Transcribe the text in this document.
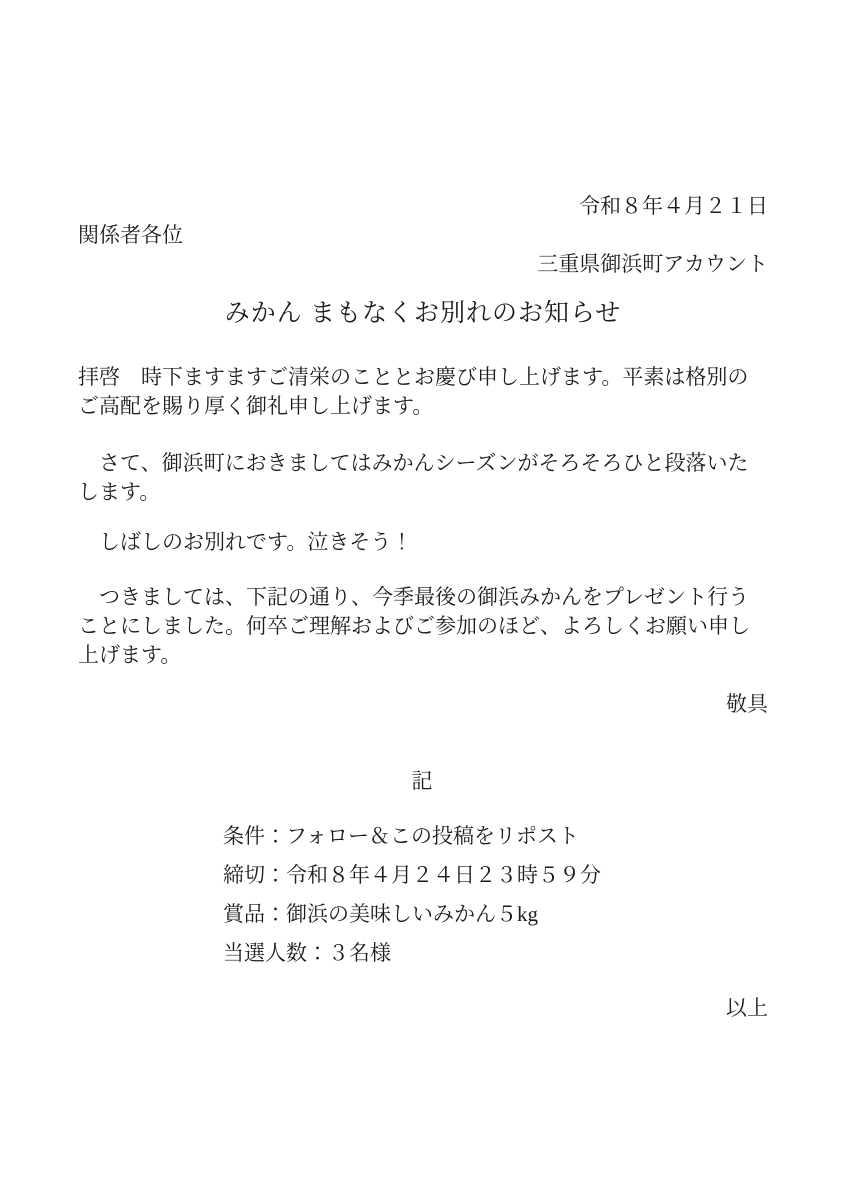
令和８年４月２１日

関係者各位

三重県御浜町アカウント

みかん まもなくお別れのお知らせ

拝啓　時下ますますご清栄のこととお慶び申し上げます。平素は格別のご高配を賜り厚く御礼申し上げます。

　さて、御浜町におきましてはみかんシーズンがそろそろひと段落いたします。

　しばしのお別れです。泣きそう！

　つきましては、下記の通り、今季最後の御浜みかんをプレゼント行うことにしました。何卒ご理解およびご参加のほど、よろしくお願い申し上げます。

敬具

記

条件：フォロー＆この投稿をリポスト
締切：令和８年４月２４日２３時５９分
賞品：御浜の美味しいみかん５kg
当選人数：３名様

以上
